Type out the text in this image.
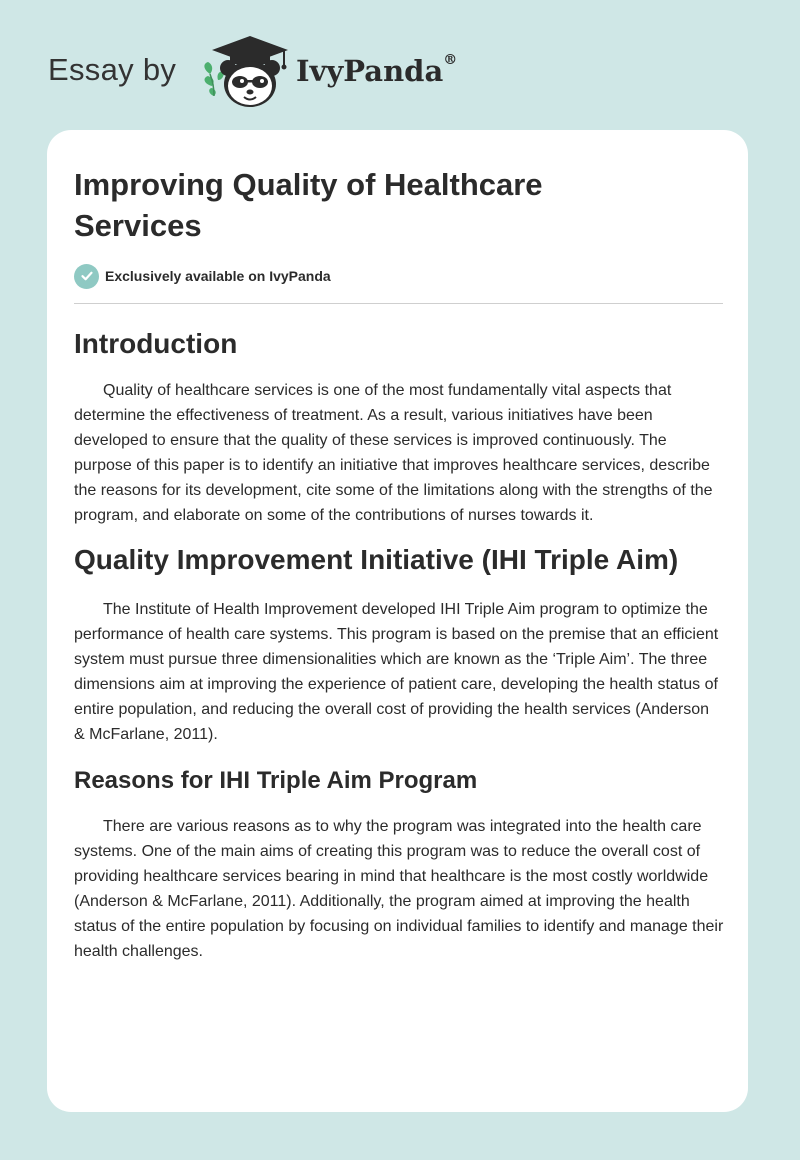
Essay by	IvyPanda®
Improving Quality of Healthcare Services
Exclusively available on IvyPanda
Introduction

Quality of healthcare services is one of the most fundamentally vital aspects that determine the effectiveness of treatment. As a result, various initiatives have been developed to ensure that the quality of these services is improved continuously. The purpose of this paper is to identify an initiative that improves healthcare services, describe the reasons for its development, cite some of the limitations along with the strengths of the program, and elaborate on some of the contributions of nurses towards it.

Quality Improvement Initiative (IHI Triple Aim)

The Institute of Health Improvement developed IHI Triple Aim program to optimize the performance of health care systems. This program is based on the premise that an efficient system must pursue three dimensionalities which are known as the ‘Triple Aim’. The three dimensions aim at improving the experience of patient care, developing the health status of entire population, and reducing the overall cost of providing the health services (Anderson & McFarlane, 2011).

Reasons for IHI Triple Aim Program

There are various reasons as to why the program was integrated into the health care systems. One of the main aims of creating this program was to reduce the overall cost of providing healthcare services bearing in mind that healthcare is the most costly worldwide (Anderson & McFarlane, 2011). Additionally, the program aimed at improving the health status of the entire population by focusing on individual families to identify and manage their health challenges.
